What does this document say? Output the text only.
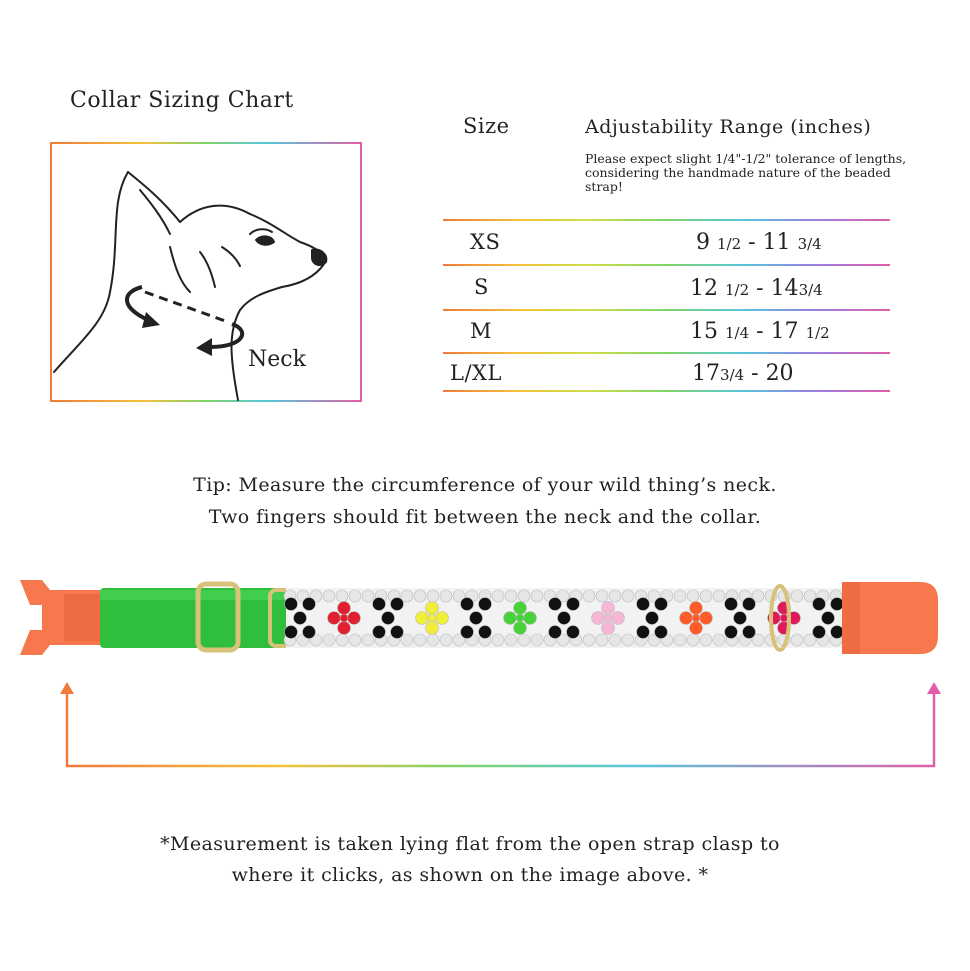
Collar Sizing Chart
Neck
Size	Adjustability Range (inches)
Please expect slight 1/4"-1/2" tolerance of lengths, considering the handmade nature of the beaded strap!
XS	9 1/2 - 11 3/4
S	12 1/2 - 143/4
M	15 1/4 - 17 1/2
L/XL	173/4 - 20
Tip: Measure the circumference of your wild thing’s neck.
Two fingers should fit between the neck and the collar.
*Measurement is taken lying flat from the open strap clasp to
where it clicks, as shown on the image above. *
